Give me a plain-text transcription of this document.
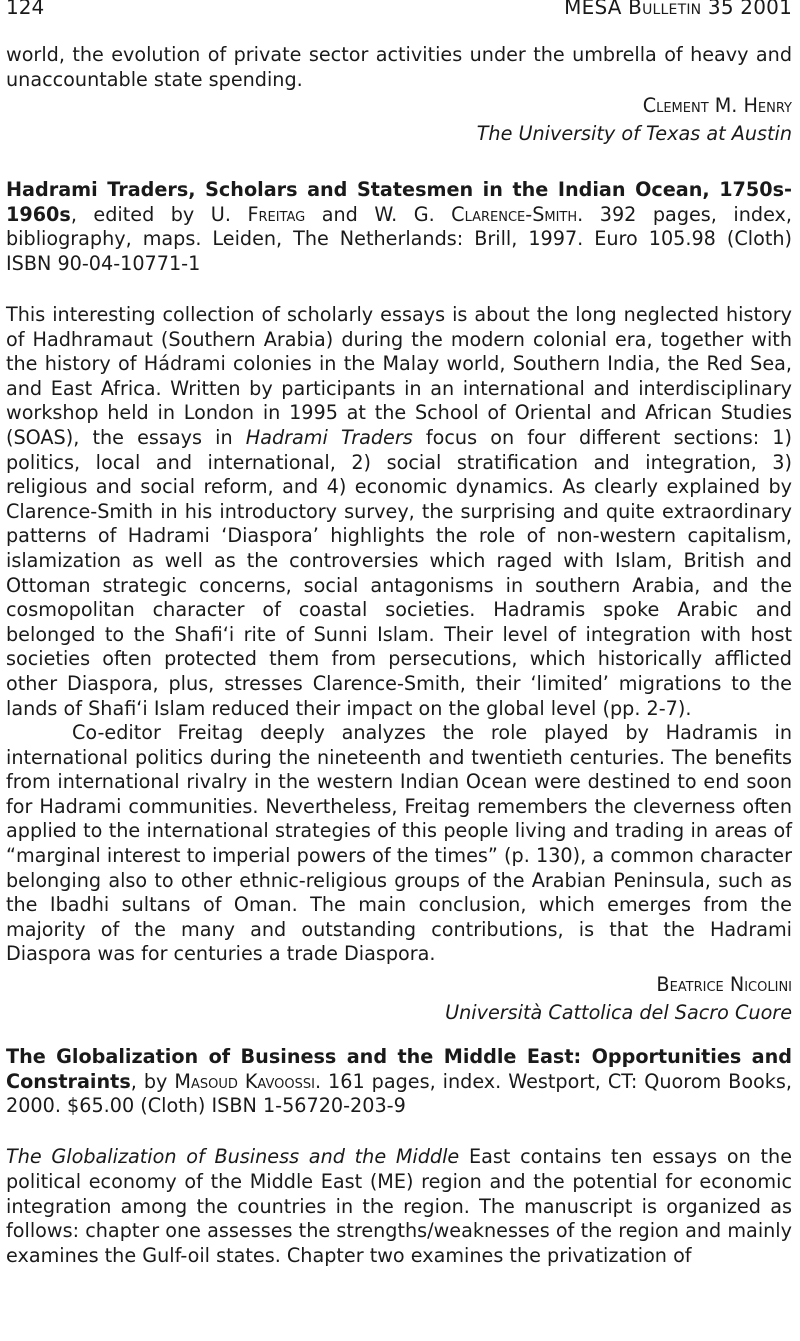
124	MESA Bulletin 35 2001

world, the evolution of private sector activities under the umbrella of heavy and unaccountable state spending.

Clement M. Henry
The University of Texas at Austin

Hadrami Traders, Scholars and Statesmen in the Indian Ocean, 1750s-1960s, edited by U. Freitag and W. G. Clarence-Smith. 392 pages, index, bibliography, maps. Leiden, The Netherlands: Brill, 1997. Euro 105.98 (Cloth) ISBN 90-04-10771-1

This interesting collection of scholarly essays is about the long neglected history of Hadhramaut (Southern Arabia) during the modern colonial era, together with the history of Hádrami colonies in the Malay world, Southern India, the Red Sea, and East Africa. Written by participants in an international and interdisciplinary workshop held in London in 1995 at the School of Oriental and African Studies (SOAS), the essays in Hadrami Traders focus on four different sections: 1) politics, local and international, 2) social stratification and integration, 3) religious and social reform, and 4) economic dynamics. As clearly explained by Clarence-Smith in his introductory survey, the surprising and quite extraordinary patterns of Hadrami ‘Diaspora’ highlights the role of non-western capitalism, islamization as well as the controversies which raged with Islam, British and Ottoman strategic concerns, social antagonisms in southern Arabia, and the cosmopolitan character of coastal societies. Hadramis spoke Arabic and belonged to the Shafi‘i rite of Sunni Islam. Their level of integration with host societies often protected them from persecutions, which historically afflicted other Diaspora, plus, stresses Clarence-Smith, their ‘limited’ migrations to the lands of Shafi‘i Islam reduced their impact on the global level (pp. 2-7).

Co-editor Freitag deeply analyzes the role played by Hadramis in international politics during the nineteenth and twentieth centuries. The benefits from international rivalry in the western Indian Ocean were destined to end soon for Hadrami communities. Nevertheless, Freitag remembers the cleverness often applied to the international strategies of this people living and trading in areas of “marginal interest to imperial powers of the times” (p. 130), a common character belonging also to other ethnic-religious groups of the Arabian Peninsula, such as the Ibadhi sultans of Oman. The main conclusion, which emerges from the majority of the many and outstanding contributions, is that the Hadrami Diaspora was for centuries a trade Diaspora.

Beatrice Nicolini
Università Cattolica del Sacro Cuore

The Globalization of Business and the Middle East: Opportunities and Constraints, by Masoud Kavoossi. 161 pages, index. Westport, CT: Quorom Books, 2000. $65.00 (Cloth) ISBN 1-56720-203-9

The Globalization of Business and the Middle East contains ten essays on the political economy of the Middle East (ME) region and the potential for economic integration among the countries in the region. The manuscript is organized as follows: chapter one assesses the strengths/weaknesses of the region and mainly examines the Gulf-oil states. Chapter two examines the privatization of
